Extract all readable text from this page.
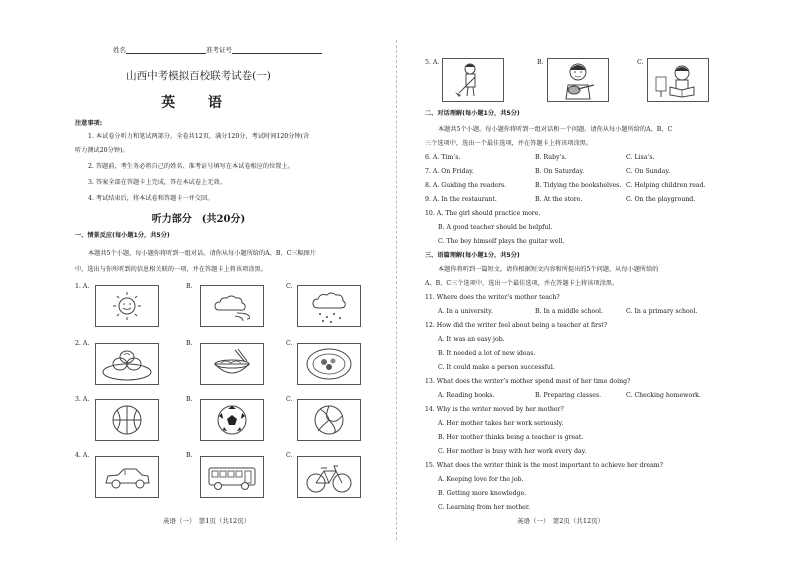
姓名	准考证号
山西中考模拟百校联考试卷(一)
英 语
注意事项:
1. 本试卷分听力和笔试两部分。全卷共12页，满分120分，考试时间120分钟(含
听力测试20分钟)。
2. 答题前，考生务必将自己的姓名、准考证号填写在本试卷相应的位置上。
3. 答案全部在答题卡上完成，答在本试卷上无效。
4. 考试结束后，将本试卷和答题卡一并交回。
听力部分　(共20分)
一、情景反应(每小题1分，共5分)
本题共5个小题，每小题你将听到一组对话。请你从每小题所给的A、B、C三幅图片
中，选出与你所听到的信息相关联的一项，并在答题卡上将该项涂黑。
1. A.	B.	C.
2. A.	B.	C.
3. A.	B.	C.
4. A.	B.	C.
英语（一）　第1页（共12页）
5. A.	B.	C.
二、对话理解(每小题1分，共5分)
本题共5个小题，每小题你将听到一组对话和一个问题。请你从每小题所给的A、B、C
三个选项中，选出一个最佳选项，并在答题卡上将该项涂黑。
6. A. Tim’s.	B. Ruby’s.	C. Lisa’s.
7. A. On Friday.	B. On Saturday.	C. On Sunday.
8. A. Guiding the readers.	B. Tidying the bookshelves. C. Helping children read.
9. A. In the restaurant.	B. At the store.	C. On the playground.
10. A. The girl should practice more.
B. A good teacher should be helpful.
C. The boy himself plays the guitar well.
三、语篇理解(每小题1分，共5分)
本题你将听到一篇短文。请你根据短文内容和所提出的5个问题，从每小题所给的
A、B、C三个选项中，选出一个最佳选项，并在答题卡上将该项涂黑。
11. Where does the writer’s mother teach?
A. In a university.	B. In a middle school.	C. In a primary school.
12. How did the writer feel about being a teacher at first?
A. It was an easy job.
B. It needed a lot of new ideas.
C. It could make a person successful.
13. What does the writer’s mother spend most of her time doing?
A. Reading books.	B. Preparing classes.	C. Checking homework.
14. Why is the writer moved by her mother?
A. Her mother takes her work seriously.
B. Her mother thinks being a teacher is great.
C. Her mother is busy with her work every day.
15. What does the writer think is the most important to achieve her dream?
A. Keeping love for the job.
B. Getting more knowledge.
C. Learning from her mother.
英语（一）　第2页（共12页）
